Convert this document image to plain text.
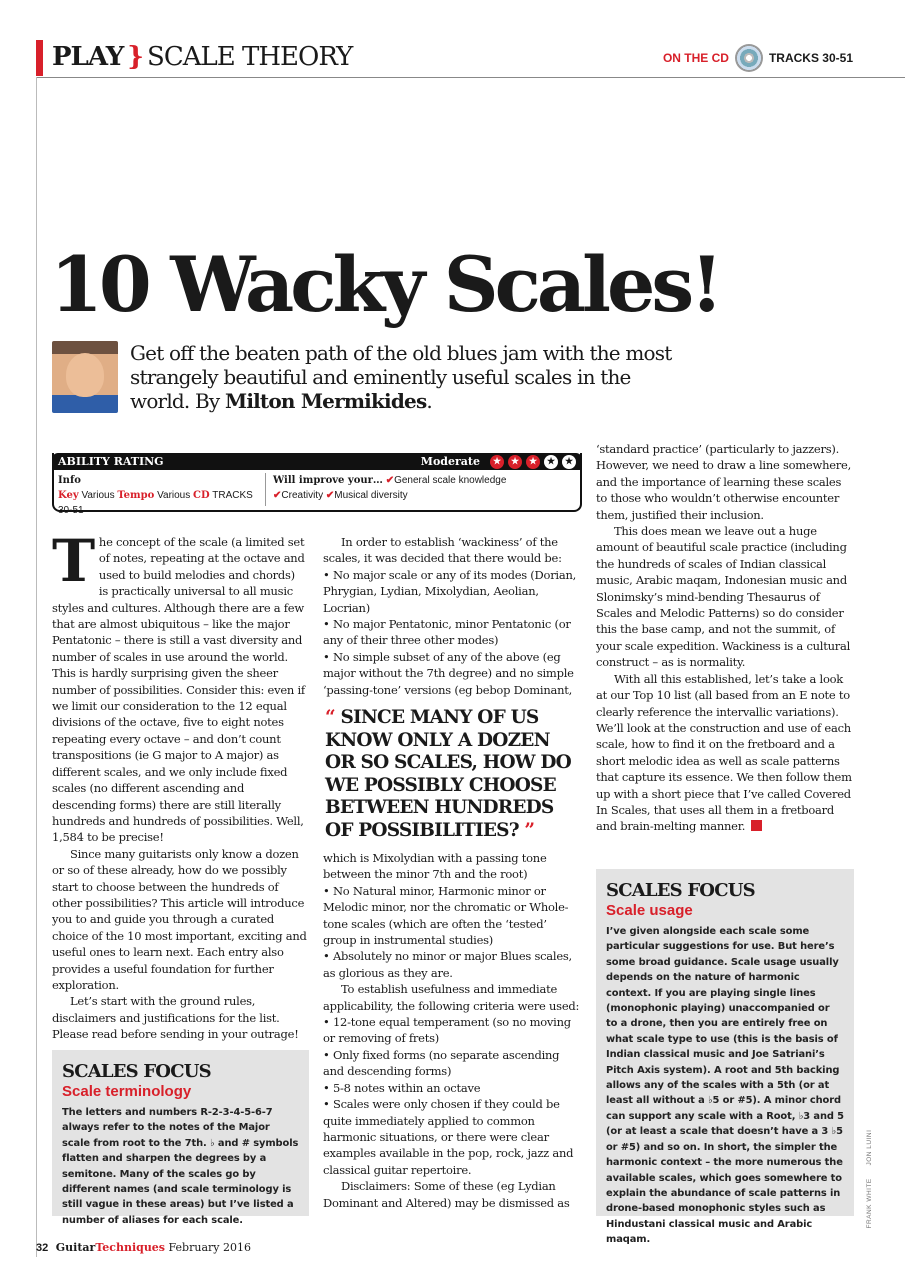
PLAY } SCALE THEORY	ON THE CD	TRACKS 30-51
10 Wacky Scales!
Get off the beaten path of the old blues jam with the most strangely beautiful and eminently useful scales in the world. By Milton Mermikides.
ABILITY RATING	Moderate	★ ★ ★ ★ ★
Info
Key Various Tempo Various CD TRACKS 30-51
Will improve your… ✔General scale knowledge
✔Creativity ✔Musical diversity

The concept of the scale (a limited set of notes, repeating at the octave and used to build melodies and chords) is practically universal to all music styles and cultures. Although there are a few that are almost ubiquitous – like the major Pentatonic – there is still a vast diversity and number of scales in use around the world. This is hardly surprising given the sheer number of possibilities. Consider this: even if we limit our consideration to the 12 equal divisions of the octave, five to eight notes repeating every octave – and don’t count transpositions (ie G major to A major) as different scales, and we only include fixed scales (no different ascending and descending forms) there are still literally hundreds and hundreds of possibilities. Well, 1,584 to be precise!

Since many guitarists only know a dozen or so of these already, how do we possibly start to choose between the hundreds of other possibilities? This article will introduce you to and guide you through a curated choice of the 10 most important, exciting and useful ones to learn next. Each entry also provides a useful foundation for further exploration.

Let’s start with the ground rules, disclaimers and justifications for the list. Please read before sending in your outrage!

In order to establish ‘wackiness’ of the scales, it was decided that there would be:

• No major scale or any of its modes (Dorian, Phrygian, Lydian, Mixolydian, Aeolian, Locrian)

• No major Pentatonic, minor Pentatonic (or any of their three other modes)

• No simple subset of any of the above (eg major without the 7th degree) and no simple ‘passing-tone’ versions (eg bebop Dominant,

“ SINCE MANY OF US KNOW ONLY A DOZEN OR SO SCALES, HOW DO WE POSSIBLY CHOOSE BETWEEN HUNDREDS OF POSSIBILITIES? ”

which is Mixolydian with a passing tone between the minor 7th and the root)

• No Natural minor, Harmonic minor or Melodic minor, nor the chromatic or Whole-tone scales (which are often the ‘tested’ group in instrumental studies)

• Absolutely no minor or major Blues scales, as glorious as they are.

To establish usefulness and immediate applicability, the following criteria were used:

• 12-tone equal temperament (so no moving or removing of frets)

• Only fixed forms (no separate ascending and descending forms)

• 5-8 notes within an octave

• Scales were only chosen if they could be quite immediately applied to common harmonic situations, or there were clear examples available in the pop, rock, jazz and classical guitar repertoire.

Disclaimers: Some of these (eg Lydian Dominant and Altered) may be dismissed as

‘standard practice’ (particularly to jazzers). However, we need to draw a line somewhere, and the importance of learning these scales to those who wouldn’t otherwise encounter them, justified their inclusion.

This does mean we leave out a huge amount of beautiful scale practice (including the hundreds of scales of Indian classical music, Arabic maqam, Indonesian music and Slonimsky’s mind-bending Thesaurus of Scales and Melodic Patterns) so do consider this the base camp, and not the summit, of your scale expedition. Wackiness is a cultural construct – as is normality.

With all this established, let’s take a look at our Top 10 list (all based from an E note to clearly reference the intervallic variations). We’ll look at the construction and use of each scale, how to find it on the fretboard and a short melodic idea as well as scale patterns that capture its essence. We then follow them up with a short piece that I’ve called Covered In Scales, that uses all them in a fretboard and brain-melting manner.

SCALES FOCUS
Scale terminology

The letters and numbers R-2-3-4-5-6-7 always refer to the notes of the Major scale from root to the 7th. ♭ and # symbols flatten and sharpen the degrees by a semitone. Many of the scales go by different names (and scale terminology is still vague in these areas) but I’ve listed a number of aliases for each scale.

SCALES FOCUS
Scale usage

I’ve given alongside each scale some particular suggestions for use. But here’s some broad guidance. Scale usage usually depends on the nature of harmonic context. If you are playing single lines (monophonic playing) unaccompanied or to a drone, then you are entirely free on what scale type to use (this is the basis of Indian classical music and Joe Satriani’s Pitch Axis system). A root and 5th backing allows any of the scales with a 5th (or at least all without a ♭5 or #5). A minor chord can support any scale with a Root, ♭3 and 5 (or at least a scale that doesn’t have a 3 ♭5 or #5) and so on. In short, the simpler the harmonic context – the more numerous the available scales, which goes somewhere to explain the abundance of scale patterns in drone-based monophonic styles such as Hindustani classical music and Arabic maqam.

FRANK WHITE JON LUINI
32 GuitarTechniques February 2016
